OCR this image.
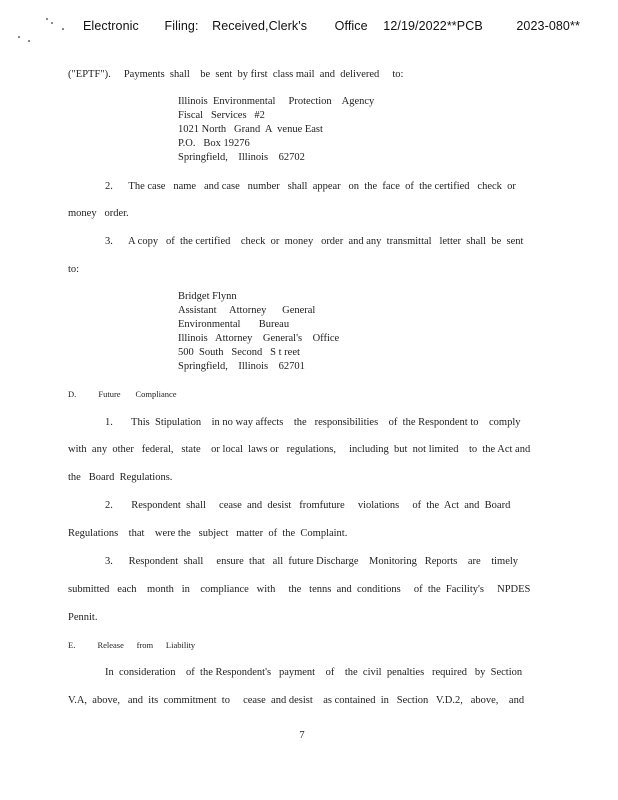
Electronic Filing: Received,Clerk's Office 12/19/2022**PCB	2023-080**
("EPTF").     Payments  shall    be  sent  by first  class mail  and  delivered     to:
Illinois  Environmental     Protection    Agency
Fiscal   Services   #2
1021 North   Grand  A  venue East
P.O.   Box 19276
Springfield,    Illinois    62702
2.      The case   name   and case   number   shall  appear   on  the  face  of  the certified   check  or
money   order.
3.      A copy   of  the certified    check  or  money   order  and any  transmittal   letter  shall  be  sent
to:
Bridget Flynn
Assistant     Attorney      General
Environmental       Bureau
Illinois   Attorney    General's    Office
500  South   Second   S t reet
Springfield,    Illinois    62701
D.	Future       Compliance
1.       This  Stipulation    in no way affects    the   responsibilities    of  the Respondent to    comply
with  any  other   federal,   state    or local  laws or   regulations,     including  but  not limited    to  the Act and
the   Board  Regulations.
2.       Respondent  shall     cease  and  desist   fromfuture     violations     of  the  Act  and  Board
Regulations    that    were the   subject   matter  of  the  Complaint.
3.      Respondent  shall     ensure  that   all  future Discharge    Monitoring   Reports    are    timely
submitted   each    month   in    compliance   with     the   tenns  and  conditions     of  the  Facility's     NPDES
Pennit.
E.	Release      from      Liability
In  consideration    of  the Respondent's   payment    of    the  civil  penalties   required   by  Section
V.A,  above,   and  its  commitment  to     cease  and desist    as contained  in   Section   V.D.2,   above,    and
7
